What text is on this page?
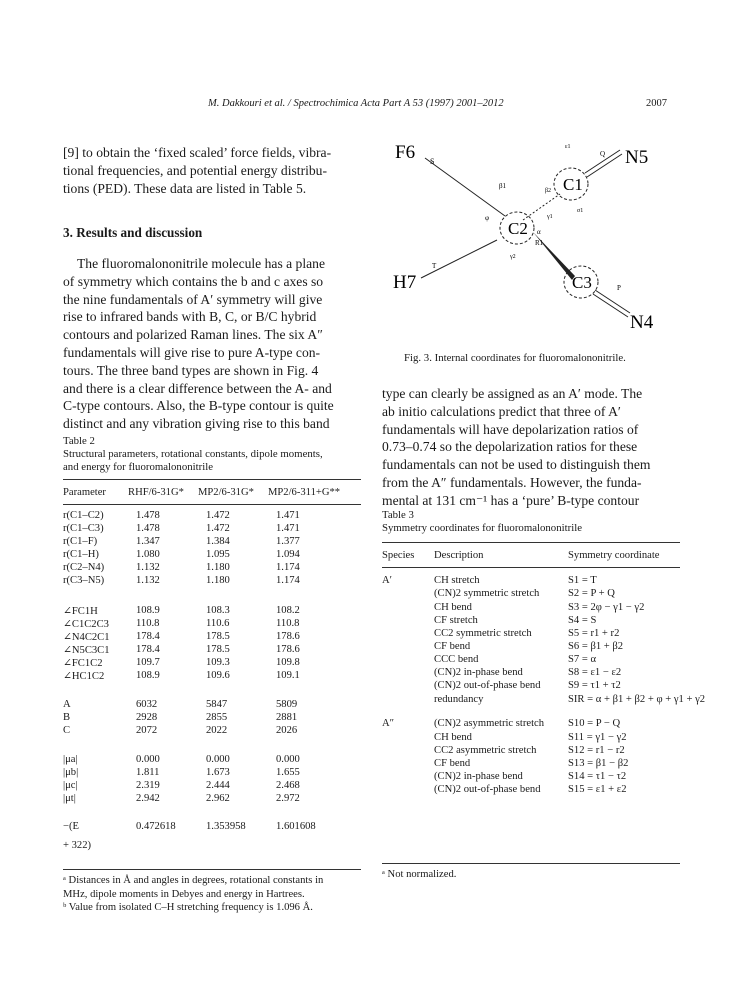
M. Dakkouri et al. / Spectrochimica Acta Part A 53 (1997) 2001–2012	2007
[9] to obtain the ‘fixed scaled’ force fields, vibra-
tional frequencies, and potential energy distribu-
tions (PED). These data are listed in Table 5.
3. Results and discussion
The fluoromalononitrile molecule has a plane
of symmetry which contains the b and c axes so
the nine fundamentals of A′ symmetry will give
rise to infrared bands with B, C, or B/C hybrid
contours and polarized Raman lines. The six A″
fundamentals will give rise to pure A-type con-
tours. The three band types are shown in Fig. 4
and there is a clear difference between the A- and
C-type contours. Also, the B-type contour is quite
distinct and any vibration giving rise to this band
F6
C1
C2
C3
N5
N4
H7
S
R1
Q
P
T
β1
β2
φ
α
γ1
γ2
ε1
σ1
Fig. 3. Internal coordinates for fluoromalononitrile.
type can clearly be assigned as an A′ mode. The
ab initio calculations predict that three of A′
fundamentals will have depolarization ratios of
0.73–0.74 so the depolarization ratios for these
fundamentals can not be used to distinguish them
from the A″ fundamentals. However, the funda-
mental at 131 cm⁻¹ has a ‘pure’ B-type contour
Table 2
Structural parameters, rotational constants, dipole moments,
and energy for fluoromalononitrile
Parameter RHF/6-31G* MP2/6-31G* MP2/6-311+G**
r(C1–C2)	1.478	1.472	1.471
r(C1–C3)	1.478	1.472	1.471
r(C1–F)	1.347	1.384	1.377
r(C1–H)	1.080	1.095	1.094
r(C2–N4)	1.132	1.180	1.174
r(C3–N5)	1.132	1.180	1.174
∠FC1H	108.9	108.3	108.2
∠C1C2C3	110.8	110.6	110.8
∠N4C2C1 178.4	178.5	178.6
∠N5C3C1 178.4	178.5	178.6
∠FC1C2	109.7	109.3	109.8
∠HC1C2	108.9	109.6	109.1
A	6032	5847	5809
B	2928	2855	2881
C	2072	2022	2026
|μa|	0.000	0.000	0.000
|μb|	1.811	1.673	1.655
|μc|	2.319	2.444	2.468
|μt|	2.942	2.962	2.972
−(E	0.472618	1.353958	1.601608
+ 322)
ᵃ Distances in Å and angles in degrees, rotational constants in
MHz, dipole moments in Debyes and energy in Hartrees.
ᵇ Value from isolated C–H stretching frequency is 1.096 Å.
Table 3
Symmetry coordinates for fluoromalononitrile
Species Description	Symmetry coordinate
A′	CH stretch	S1 = T
(CN)2 symmetric stretch	S2 = P + Q
CH bend	S3 = 2φ − γ1 − γ2
CF stretch	S4 = S
CC2 symmetric stretch	S5 = r1 + r2
CF bend	S6 = β1 + β2
CCC bend	S7 = α
(CN)2 in-phase bend	S8 = ε1 − ε2
(CN)2 out-of-phase bend	S9 = τ1 + τ2
redundancy	SIR = α + β1 + β2 + φ + γ1 + γ2
A″	(CN)2 asymmetric stretch S10 = P − Q
CH bend	S11 = γ1 − γ2
CC2 asymmetric stretch	S12 = r1 − r2
CF bend	S13 = β1 − β2
(CN)2 in-phase bend	S14 = τ1 − τ2
(CN)2 out-of-phase bend	S15 = ε1 + ε2
ᵃ Not normalized.
